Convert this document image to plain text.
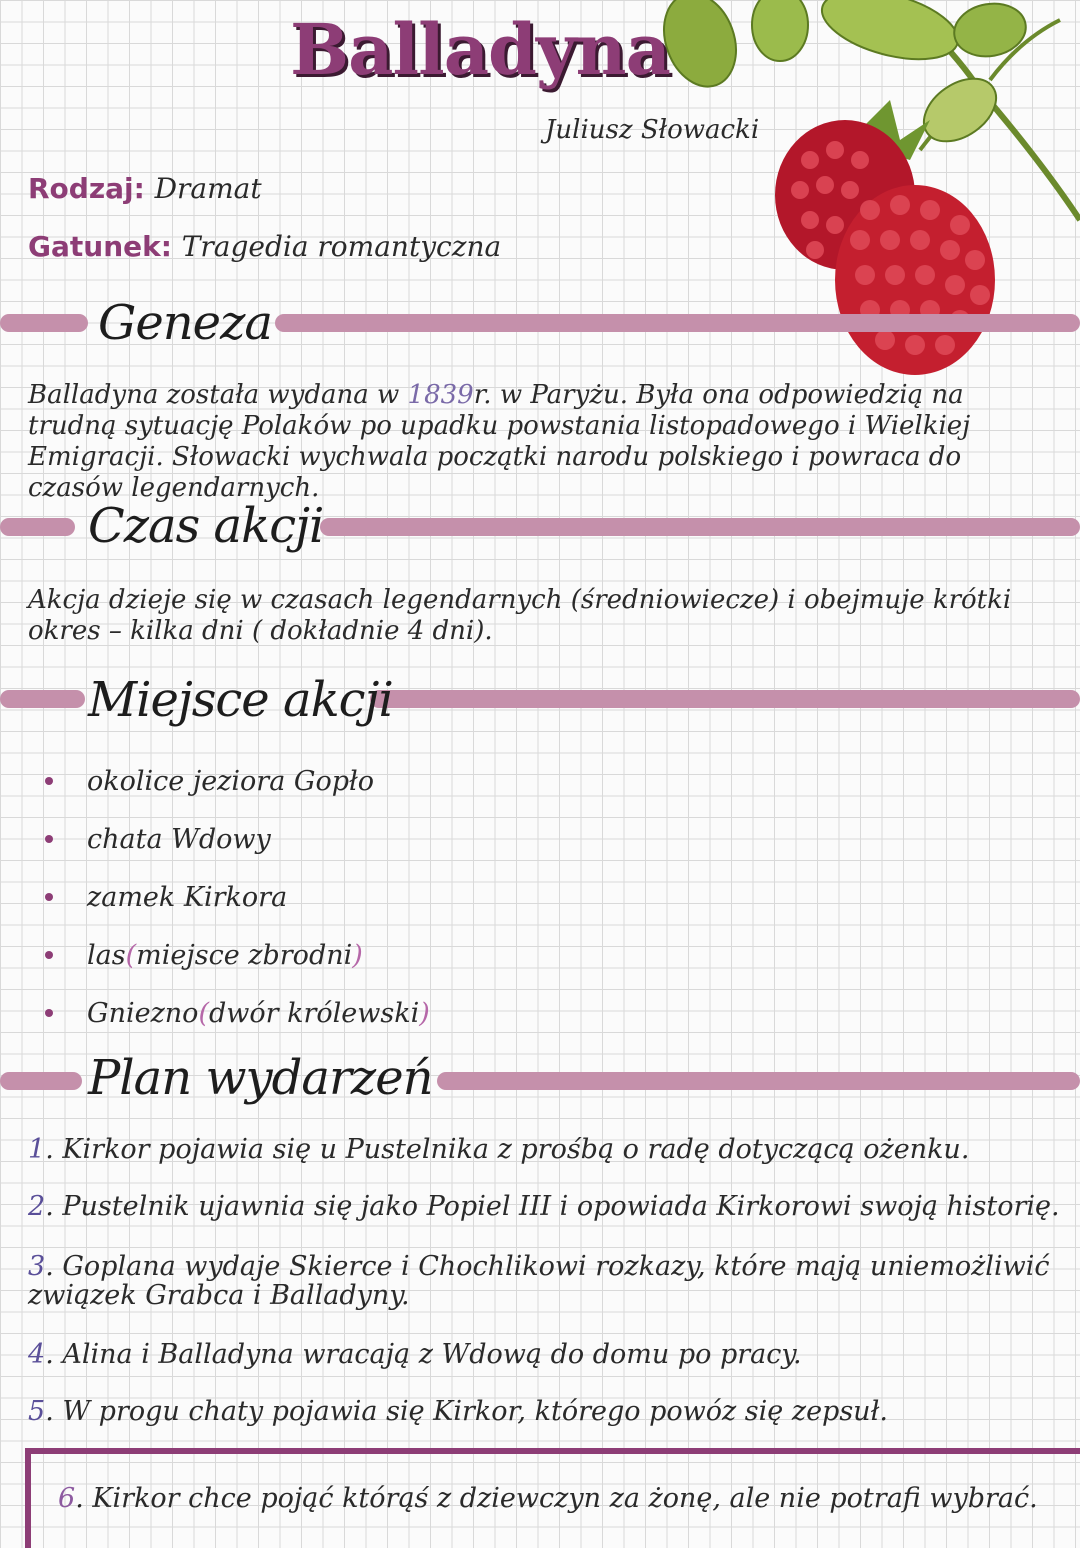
Balladyna
Juliusz Słowacki
Rodzaj: Dramat
Gatunek: Tragedia romantyczna
Geneza
Balladyna została wydana w 1839r. w Paryżu. Była ona odpowiedzią na trudną sytuację Polaków po upadku powstania listopadowego i Wielkiej Emigracji. Słowacki wychwala początki narodu polskiego i powraca do czasów legendarnych.
Czas akcji
Akcja dzieje się w czasach legendarnych (średniowiecze) i obejmuje krótki okres – kilka dni ( dokładnie 4 dni).
Miejsce akcji
okolice jeziora Gopło
chata Wdowy
zamek Kirkora
las ( miejsce zbrodni )
Gniezno ( dwór królewski )
Plan wydarzeń
1. Kirkor pojawia się u Pustelnika z prośbą o radę dotyczącą ożenku.
2. Pustelnik ujawnia się jako Popiel III i opowiada Kirkorowi swoją historię.
3. Goplana wydaje Skierce i Chochlikowi rozkazy, które mają uniemożliwić związek Grabca i Balladyny.
4. Alina i Balladyna wracają z Wdową do domu po pracy.
5. W progu chaty pojawia się Kirkor, którego powóz się zepsuł.
6. Kirkor chce pojąć którąś z dziewczyn za żonę, ale nie potrafi wybrać.
